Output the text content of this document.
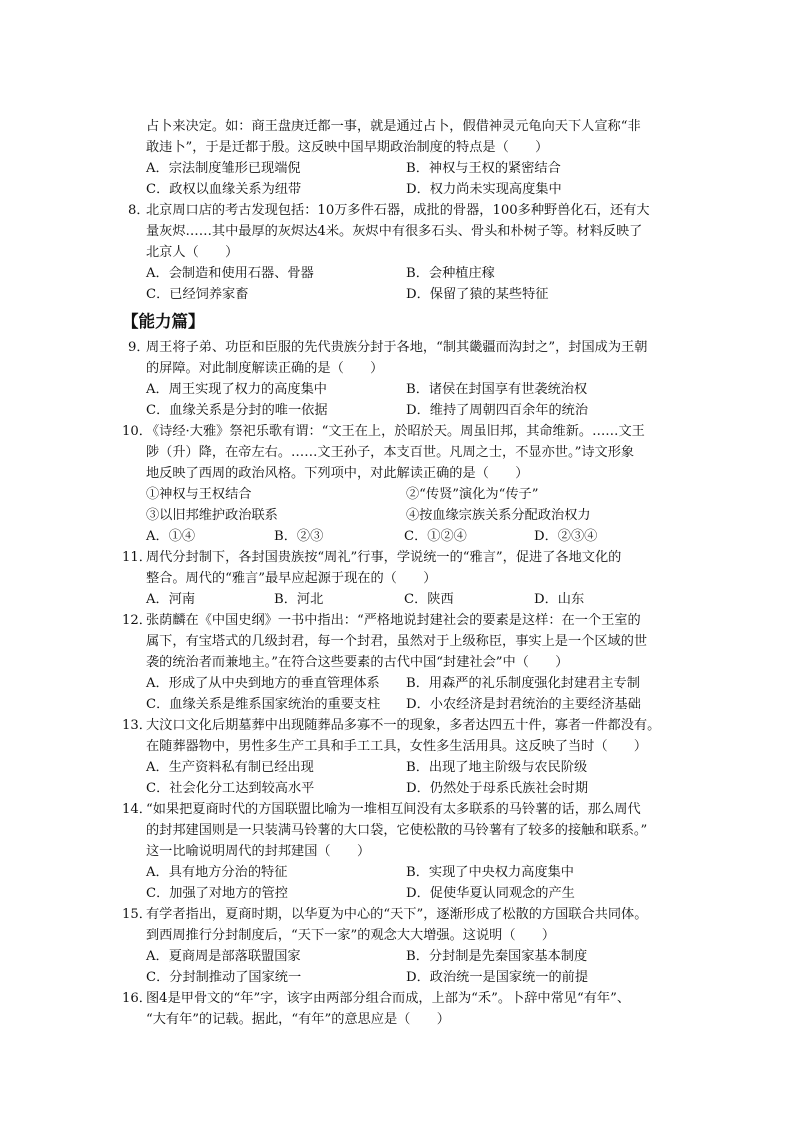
占卜来决定。如：商王盘庚迁都一事，就是通过占卜，假借神灵元龟向天下人宣称“非
敢违卜”，于是迁都于殷。这反映中国早期政治制度的特点是（　　）
A．宗法制度雏形已现端倪	B．神权与王权的紧密结合
C．政权以血缘关系为纽带	D．权力尚未实现高度集中
8．北京周口店的考古发现包括：10万多件石器，成批的骨器，100多种野兽化石，还有大
量灰烬……其中最厚的灰烬达4米。灰烬中有很多石头、骨头和朴树子等。材料反映了
北京人（　　）
A．会制造和使用石器、骨器	B．会种植庄稼
C．已经饲养家畜	D．保留了猿的某些特征
【能力篇】
9．周王将子弟、功臣和臣服的先代贵族分封于各地，“制其畿疆而沟封之”，封国成为王朝
的屏障。对此制度解读正确的是（　　）
A．周王实现了权力的高度集中	B．诸侯在封国享有世袭统治权
C．血缘关系是分封的唯一依据	D．维持了周朝四百余年的统治
10．《诗经·大雅》祭祀乐歌有谓：“文王在上，於昭於天。周虽旧邦，其命维新。……文王
陟（升）降，在帝左右。……文王孙子，本支百世。凡周之士，不显亦世。”诗文形象
地反映了西周的政治风格。下列项中，对此解读正确的是（　　）
①神权与王权结合	②“传贤”演化为“传子”
③以旧邦维护政治联系	④按血缘宗族关系分配政治权力
A．①④	B．②③	C．①②④	D．②③④
11．周代分封制下，各封国贵族按“周礼”行事，学说统一的“雅言”，促进了各地文化的
整合。周代的“雅言”最早应起源于现在的（　　）
A．河南	B．河北	C．陕西	D．山东
12．张荫麟在《中国史纲》一书中指出：“严格地说封建社会的要素是这样：在一个王室的
属下，有宝塔式的几级封君，每一个封君，虽然对于上级称臣，事实上是一个区域的世
袭的统治者而兼地主。”在符合这些要素的古代中国“封建社会”中（　　）
A．形成了从中央到地方的垂直管理体系	B．用森严的礼乐制度强化封建君主专制
C．血缘关系是维系国家统治的重要支柱	D．小农经济是封君统治的主要经济基础
13．大汶口文化后期墓葬中出现随葬品多寡不一的现象，多者达四五十件，寡者一件都没有。
在随葬器物中，男性多生产工具和手工工具，女性多生活用具。这反映了当时（　　）
A．生产资料私有制已经出现	B．出现了地主阶级与农民阶级
C．社会化分工达到较高水平	D．仍然处于母系氏族社会时期
14．“如果把夏商时代的方国联盟比喻为一堆相互间没有太多联系的马铃薯的话，那么周代
的封邦建国则是一只装满马铃薯的大口袋，它使松散的马铃薯有了较多的接触和联系。”
这一比喻说明周代的封邦建国（　　）
A．具有地方分治的特征	B．实现了中央权力高度集中
C．加强了对地方的管控	D．促使华夏认同观念的产生
15．有学者指出，夏商时期，以华夏为中心的“天下”，逐渐形成了松散的方国联合共同体。
到西周推行分封制度后，“天下一家”的观念大大增强。这说明（　　）
A．夏商周是部落联盟国家	B．分封制是先秦国家基本制度
C．分封制推动了国家统一	D．政治统一是国家统一的前提
16．图4是甲骨文的“年”字，该字由两部分组合而成，上部为“禾”。卜辞中常见“有年”、
“大有年”的记载。据此，“有年”的意思应是（　　）
